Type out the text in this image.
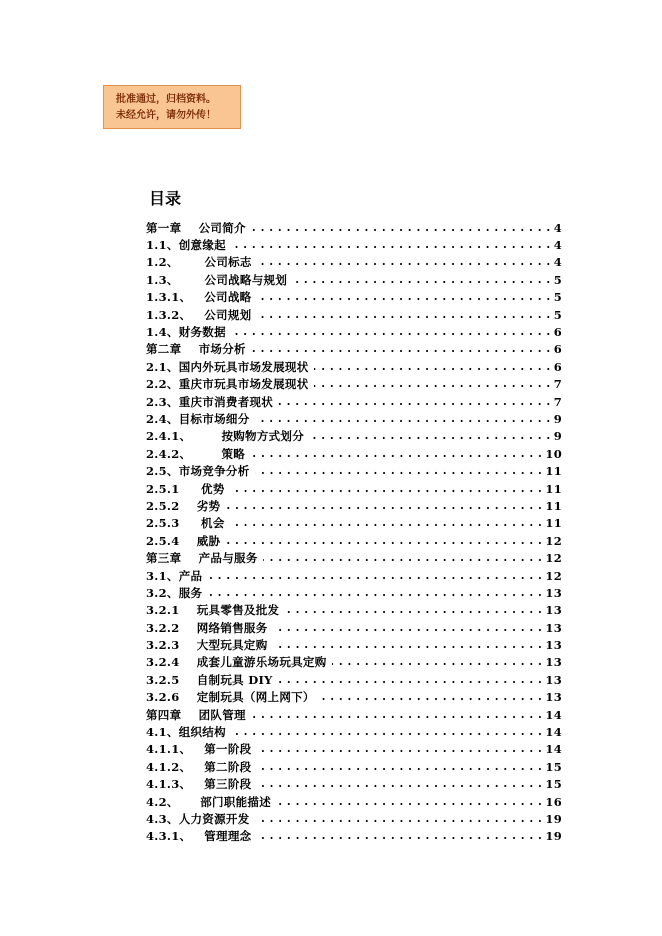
批准通过，归档资料。
未经允许，请勿外传！
目录
第一章    公司简介 . . .	4
1.1、创意缘起 . . .	4
1.2、      公司标志 . . .	4
1.3、      公司战略与规划 . . .	5
1.3.1、   公司战略 . . .	5
1.3.2、   公司规划 . . .	5
1.4、财务数据 . . .	6
第二章    市场分析 . . .	6
2.1、国内外玩具市场发展现状 . . .	6
2.2、重庆市玩具市场发展现状 . . .	7
2.3、重庆市消费者现状 . . .	7
2.4、目标市场细分 . . .	9
2.4.1、       按购物方式划分 . . .	9
2.4.2、       策略 . . .	10
2.5、市场竞争分析 . . .	11
2.5.1     优势 . . .	11
2.5.2    劣势 . . .	11
2.5.3     机会 . . .	11
2.5.4    威胁 . . .	12
第三章    产品与服务 . . .	12
3.1、产品 . . .	12
3.2、服务 . . .	13
3.2.1    玩具零售及批发 . . .	13
3.2.2    网络销售服务 . . .	13
3.2.3    大型玩具定购 . . .	13
3.2.4    成套儿童游乐场玩具定购 . . .	13
3.2.5    自制玩具 DIY . . .	13
3.2.6    定制玩具（网上网下） . . .	13
第四章    团队管理 . . .	14
4.1、组织结构 . . .	14
4.1.1、   第一阶段 . . .	14
4.1.2、   第二阶段 . . .	15
4.1.3、   第三阶段 . . .	15
4.2、     部门职能描述 . . .	16
4.3、人力资源开发 . . .	19
4.3.1、   管理理念 . . .	19
